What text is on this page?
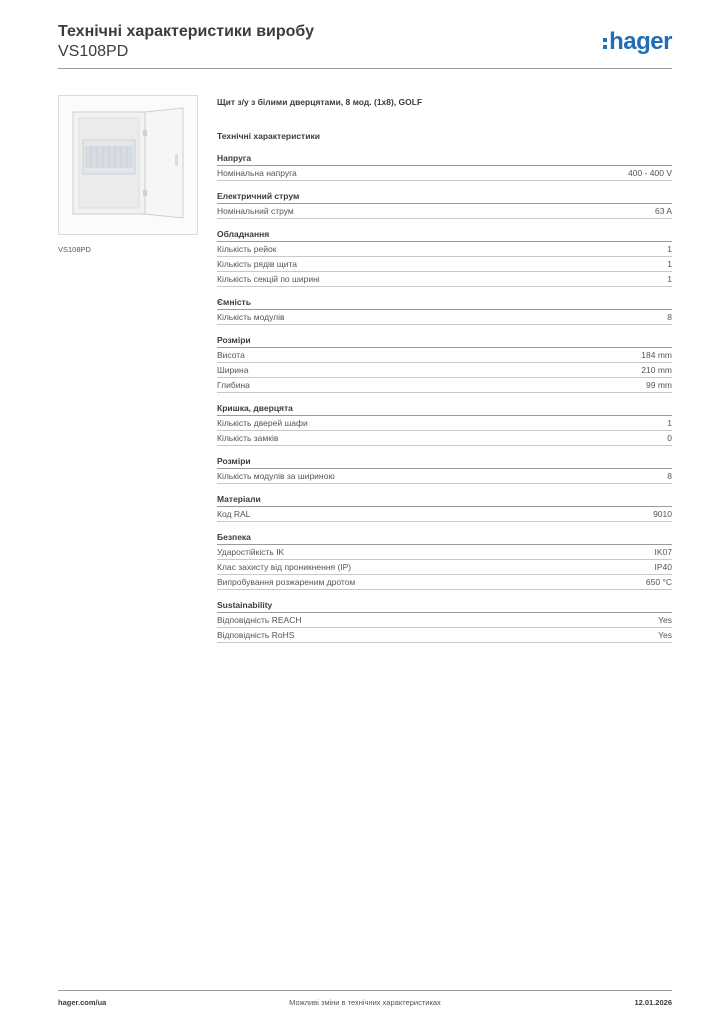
Технічні характеристики виробу
VS108PD	hager
VS108PD
Щит з/у з білими дверцятами, 8 мод. (1х8), GOLF
Технічні характеристики
Напруга
Номінальна напруга	400 - 400 V
Електричний струм
Номінальний струм	63 A
Обладнання
Кількість рейок	1
Кількість рядів щита	1
Кількість секцій по ширині	1
Ємність
Кількість модулів	8
Розміри
Висота	184 mm
Ширина	210 mm
Глибина	99 mm
Кришка, дверцята
Кількість дверей шафи	1
Кількість замків	0
Розміри
Кількість модулів за шириною	8
Матеріали
Код RAL	9010
Безпека
Ударостійкість IK	IK07
Клас захисту від проникнення (IP)	IP40
Випробування розжареним дротом	650 °C
Sustainability
Відповідність REACH	Yes
Відповідність RoHS	Yes
hager.com/ua	Можливі зміни в технічних характеристиках	12.01.2026
